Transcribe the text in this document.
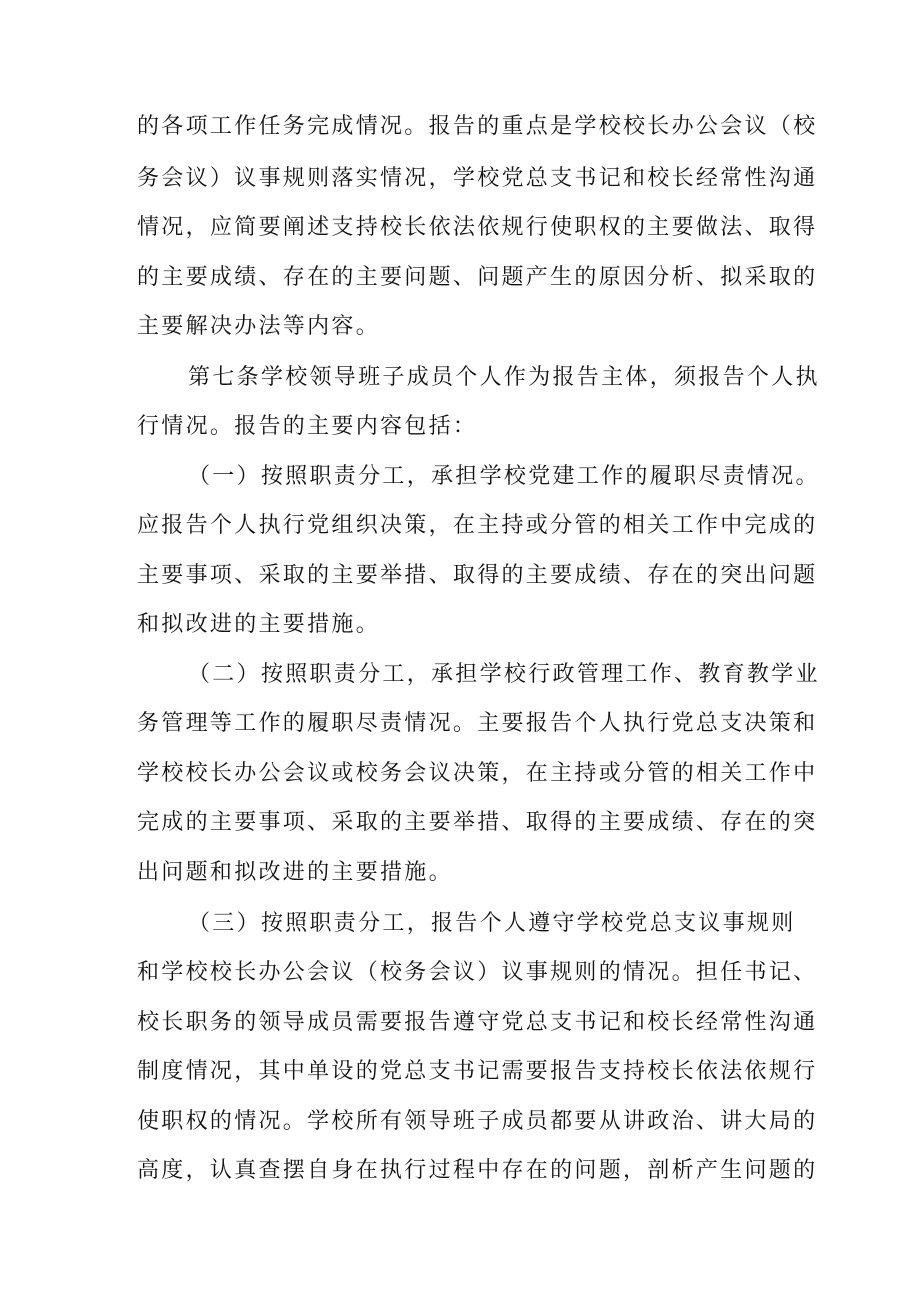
的各项工作任务完成情况。报告的重点是学校校长办公会议（校
务会议）议事规则落实情况，学校党总支书记和校长经常性沟通
情况，应简要阐述支持校长依法依规行使职权的主要做法、取得
的主要成绩、存在的主要问题、问题产生的原因分析、拟采取的
主要解决办法等内容。
第七条学校领导班子成员个人作为报告主体，须报告个人执
行情况。报告的主要内容包括：
（一）按照职责分工，承担学校党建工作的履职尽责情况。
应报告个人执行党组织决策，在主持或分管的相关工作中完成的
主要事项、采取的主要举措、取得的主要成绩、存在的突出问题
和拟改进的主要措施。
（二）按照职责分工，承担学校行政管理工作、教育教学业
务管理等工作的履职尽责情况。主要报告个人执行党总支决策和
学校校长办公会议或校务会议决策，在主持或分管的相关工作中
完成的主要事项、采取的主要举措、取得的主要成绩、存在的突
出问题和拟改进的主要措施。
（三）按照职责分工，报告个人遵守学校党总支议事规则
和学校校长办公会议（校务会议）议事规则的情况。担任书记、
校长职务的领导成员需要报告遵守党总支书记和校长经常性沟通
制度情况，其中单设的党总支书记需要报告支持校长依法依规行
使职权的情况。学校所有领导班子成员都要从讲政治、讲大局的
高度，认真查摆自身在执行过程中存在的问题，剖析产生问题的
